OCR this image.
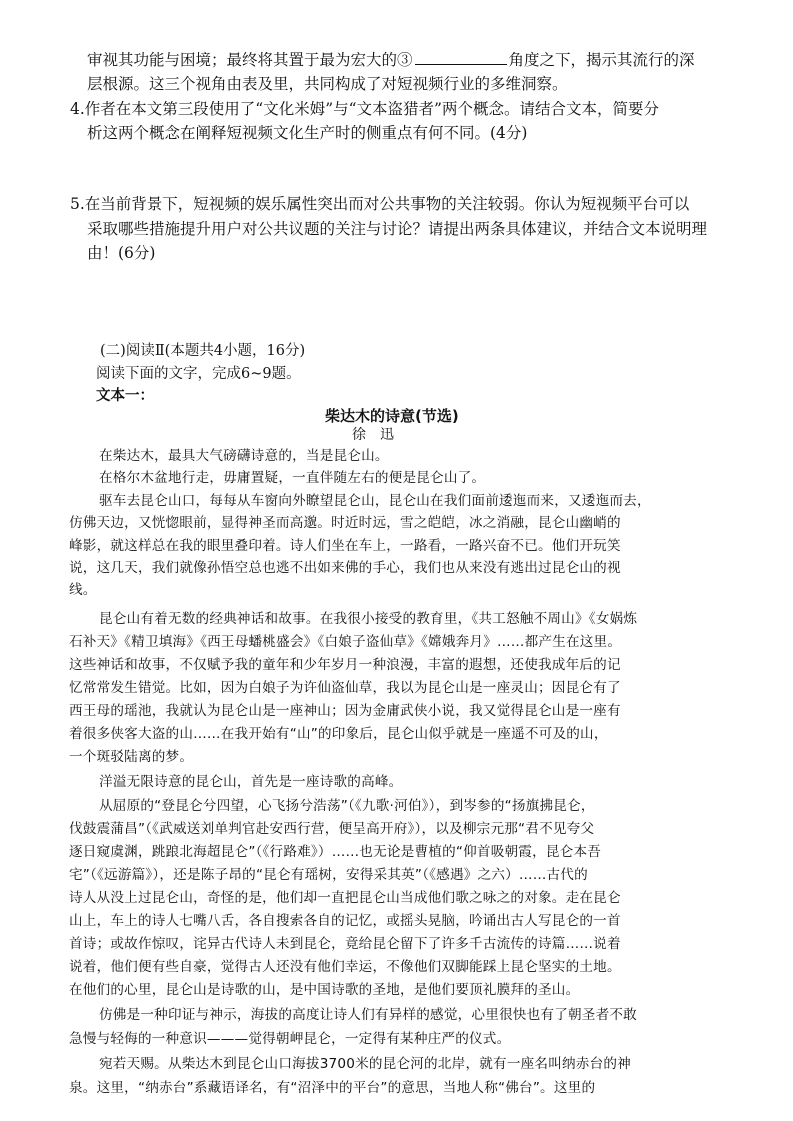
审视其功能与困境；最终将其置于最为宏大的③	角度之下，揭示其流行的深
层根源。这三个视角由表及里，共同构成了对短视频行业的多维洞察。
4.作者在本文第三段使用了“文化米姆”与“文本盗猎者”两个概念。请结合文本，简要分
析这两个概念在阐释短视频文化生产时的侧重点有何不同。(4分)
5.在当前背景下，短视频的娱乐属性突出而对公共事物的关注较弱。你认为短视频平台可以
采取哪些措施提升用户对公共议题的关注与讨论？请提出两条具体建议，并结合文本说明理
由！(6分)
(二)阅读Ⅱ(本题共4小题，16分)
阅读下面的文字，完成6~9题。
文本一：
柴达木的诗意(节选)
徐迅
在柴达木，最具大气磅礴诗意的，当是昆仑山。
在格尔木盆地行走，毋庸置疑，一直伴随左右的便是昆仑山了。
驱车去昆仑山口，每每从车窗向外瞭望昆仑山，昆仑山在我们面前逶迤而来，又逶迤而去，
仿佛天边，又恍惚眼前，显得神圣而高邈。时近时远，雪之皑皑，冰之消融，昆仑山幽峭的
峰影，就这样总在我的眼里叠印着。诗人们坐在车上，一路看，一路兴奋不已。他们开玩笑
说，这几天，我们就像孙悟空总也逃不出如来佛的手心，我们也从来没有逃出过昆仑山的视
线。
昆仑山有着无数的经典神话和故事。在我很小接受的教育里，《共工怒触不周山》《女娲炼
石补天》《精卫填海》《西王母蟠桃盛会》《白娘子盗仙草》《嫦娥奔月》……都产生在这里。
这些神话和故事，不仅赋予我的童年和少年岁月一种浪漫，丰富的遐想，还使我成年后的记
忆常常发生错觉。比如，因为白娘子为许仙盗仙草，我以为昆仑山是一座灵山；因昆仑有了
西王母的瑶池，我就认为昆仑山是一座神山；因为金庸武侠小说，我又觉得昆仑山是一座有
着很多侠客大盗的山……在我开始有“山”的印象后，昆仑山似乎就是一座遥不可及的山，
一个斑驳陆离的梦。
洋溢无限诗意的昆仑山，首先是一座诗歌的高峰。
从屈原的“登昆仑兮四望，心飞扬兮浩荡”（《九歌·河伯》），到岑参的“扬旗拂昆仑，
伐鼓震蒲昌”（《武威送刘单判官赴安西行营，便呈高开府》），以及柳宗元那“君不见夸父
逐日窥虞渊，跳踉北海超昆仑”（《行路难》）……也无论是曹植的“仰首吸朝霞，昆仑本吾
宅”（《远游篇》），还是陈子昂的“昆仑有瑶树，安得采其英”（《感遇》之六）……古代的
诗人从没上过昆仑山，奇怪的是，他们却一直把昆仑山当成他们歌之咏之的对象。走在昆仑
山上，车上的诗人七嘴八舌，各自搜索各自的记忆，或摇头晃脑，吟诵出古人写昆仑的一首
首诗；或故作惊叹，诧异古代诗人未到昆仑，竟给昆仑留下了许多千古流传的诗篇……说着
说着，他们便有些自豪，觉得古人还没有他们幸运，不像他们双脚能踩上昆仑坚实的土地。
在他们的心里，昆仑山是诗歌的山，是中国诗歌的圣地，是他们要顶礼膜拜的圣山。
仿佛是一种印证与神示，海拔的高度让诗人们有异样的感觉，心里很快也有了朝圣者不敢
急慢与轻侮的一种意识———觉得朝岬昆仑，一定得有某种庄严的仪式。
宛若天赐。从柴达木到昆仑山口海拔3700米的昆仑河的北岸，就有一座名叫纳赤台的神
泉。这里，“纳赤台”系藏语译名，有“沼泽中的平台”的意思，当地人称“佛台”。这里的
